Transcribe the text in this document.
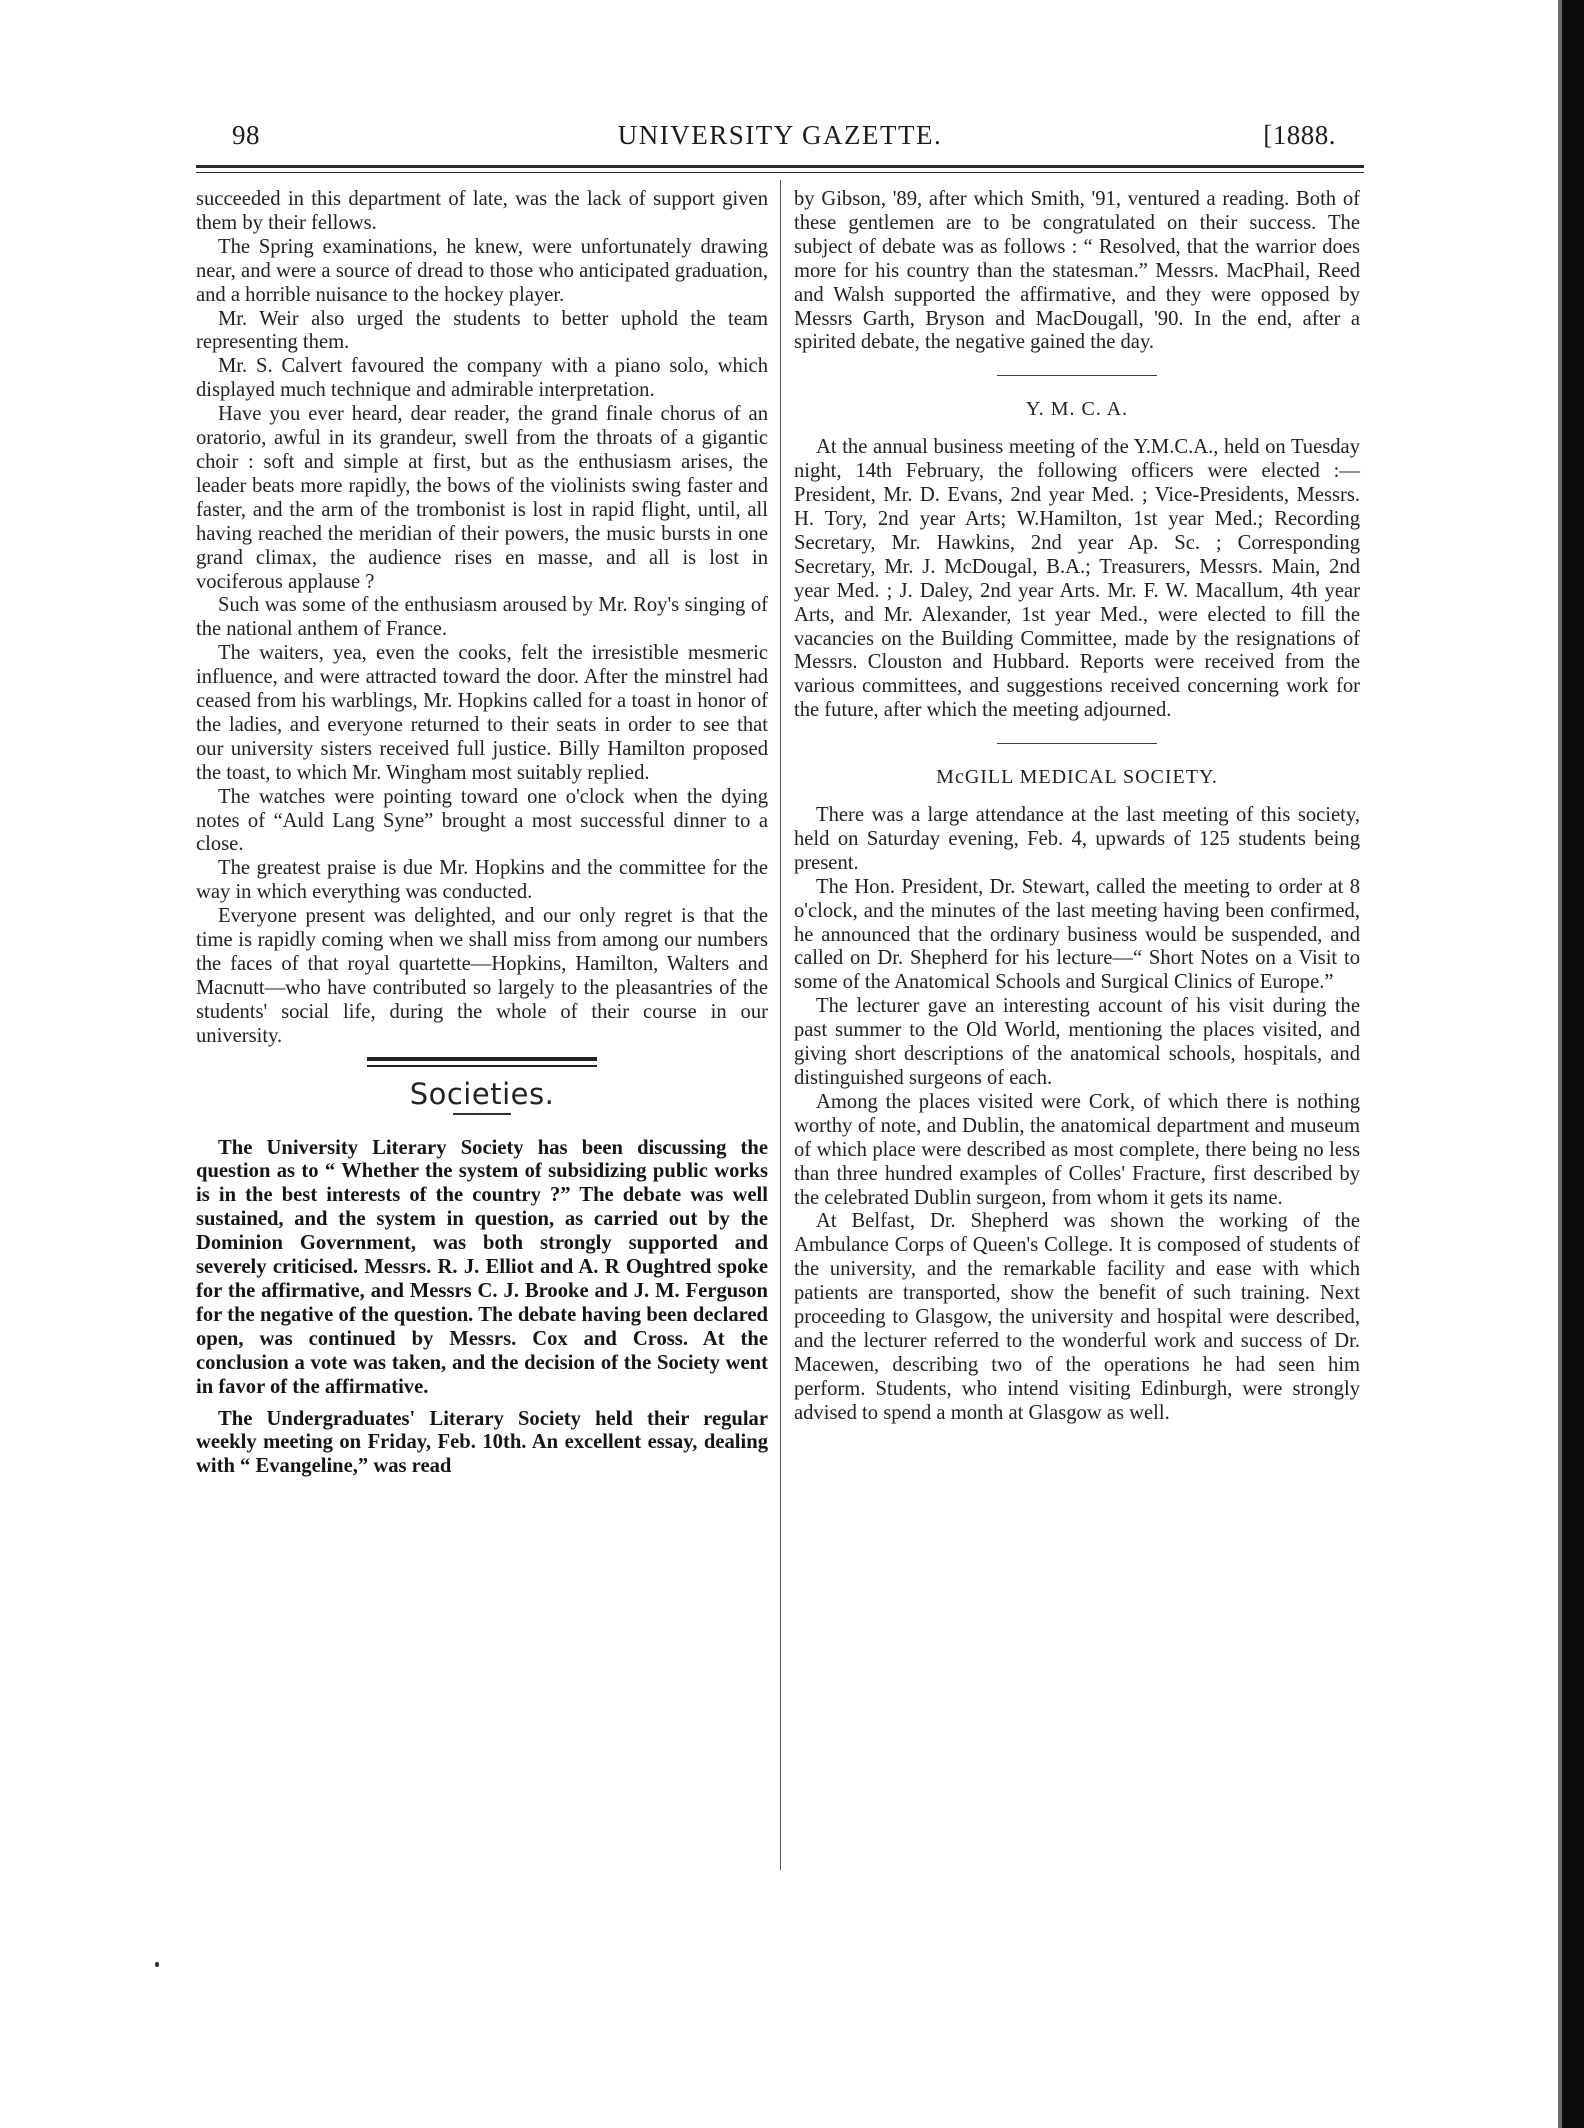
98	UNIVERSITY GAZETTE.	[1888.

succeeded in this department of late, was the lack of support given them by their fellows.

The Spring examinations, he knew, were unfortunately drawing near, and were a source of dread to those who anticipated graduation, and a horrible nuisance to the hockey player.

Mr. Weir also urged the students to better uphold the team representing them.

Mr. S. Calvert favoured the company with a piano solo, which displayed much technique and admirable interpretation.

Have you ever heard, dear reader, the grand finale chorus of an oratorio, awful in its grandeur, swell from the throats of a gigantic choir : soft and simple at first, but as the enthusiasm arises, the leader beats more rapidly, the bows of the violinists swing faster and faster, and the arm of the trombonist is lost in rapid flight, until, all having reached the meridian of their powers, the music bursts in one grand climax, the audience rises en masse, and all is lost in vociferous applause ?

Such was some of the enthusiasm aroused by Mr. Roy's singing of the national anthem of France.

The waiters, yea, even the cooks, felt the irresistible mesmeric influence, and were attracted toward the door. After the minstrel had ceased from his warblings, Mr. Hopkins called for a toast in honor of the ladies, and everyone returned to their seats in order to see that our university sisters received full justice. Billy Hamilton proposed the toast, to which Mr. Wingham most suitably replied.

The watches were pointing toward one o'clock when the dying notes of “Auld Lang Syne” brought a most successful dinner to a close.

The greatest praise is due Mr. Hopkins and the committee for the way in which everything was conducted.

Everyone present was delighted, and our only regret is that the time is rapidly coming when we shall miss from among our numbers the faces of that royal quartette—Hopkins, Hamilton, Walters and Macnutt—who have contributed so largely to the pleasantries of the students' social life, during the whole of their course in our university.

Societies.

The University Literary Society has been discussing the question as to “ Whether the system of subsidizing public works is in the best interests of the country ?” The debate was well sustained, and the system in question, as carried out by the Dominion Government, was both strongly supported and severely criticised. Messrs. R. J. Elliot and A. R Oughtred spoke for the affirmative, and Messrs C. J. Brooke and J. M. Ferguson for the negative of the question. The debate having been declared open, was continued by Messrs. Cox and Cross. At the conclusion a vote was taken, and the decision of the Society went in favor of the affirmative.

The Undergraduates' Literary Society held their regular weekly meeting on Friday, Feb. 10th. An excellent essay, dealing with “ Evangeline,” was read

by Gibson, '89, after which Smith, '91, ventured a reading. Both of these gentlemen are to be congratulated on their success. The subject of debate was as follows : “ Resolved, that the warrior does more for his country than the statesman.” Messrs. MacPhail, Reed and Walsh supported the affirmative, and they were opposed by Messrs Garth, Bryson and MacDougall, '90. In the end, after a spirited debate, the negative gained the day.

Y. M. C. A.

At the annual business meeting of the Y.M.C.A., held on Tuesday night, 14th February, the following officers were elected :—President, Mr. D. Evans, 2nd year Med. ; Vice-Presidents, Messrs. H. Tory, 2nd year Arts; W.Hamilton, 1st year Med.; Recording Secretary, Mr. Hawkins, 2nd year Ap. Sc. ; Corresponding Secretary, Mr. J. McDougal, B.A.; Treasurers, Messrs. Main, 2nd year Med. ; J. Daley, 2nd year Arts. Mr. F. W. Macallum, 4th year Arts, and Mr. Alexander, 1st year Med., were elected to fill the vacancies on the Building Committee, made by the resignations of Messrs. Clouston and Hubbard. Reports were received from the various committees, and suggestions received concerning work for the future, after which the meeting adjourned.

McGILL MEDICAL SOCIETY.

There was a large attendance at the last meeting of this society, held on Saturday evening, Feb. 4, upwards of 125 students being present.

The Hon. President, Dr. Stewart, called the meeting to order at 8 o'clock, and the minutes of the last meeting having been confirmed, he announced that the ordinary business would be suspended, and called on Dr. Shepherd for his lecture—“ Short Notes on a Visit to some of the Anatomical Schools and Surgical Clinics of Europe.”

The lecturer gave an interesting account of his visit during the past summer to the Old World, mentioning the places visited, and giving short descriptions of the anatomical schools, hospitals, and distinguished surgeons of each.

Among the places visited were Cork, of which there is nothing worthy of note, and Dublin, the anatomical department and museum of which place were described as most complete, there being no less than three hundred examples of Colles' Fracture, first described by the celebrated Dublin surgeon, from whom it gets its name.

At Belfast, Dr. Shepherd was shown the working of the Ambulance Corps of Queen's College. It is composed of students of the university, and the remarkable facility and ease with which patients are transported, show the benefit of such training. Next proceeding to Glasgow, the university and hospital were described, and the lecturer referred to the wonderful work and success of Dr. Macewen, describing two of the operations he had seen him perform. Students, who intend visiting Edinburgh, were strongly advised to spend a month at Glasgow as well.
